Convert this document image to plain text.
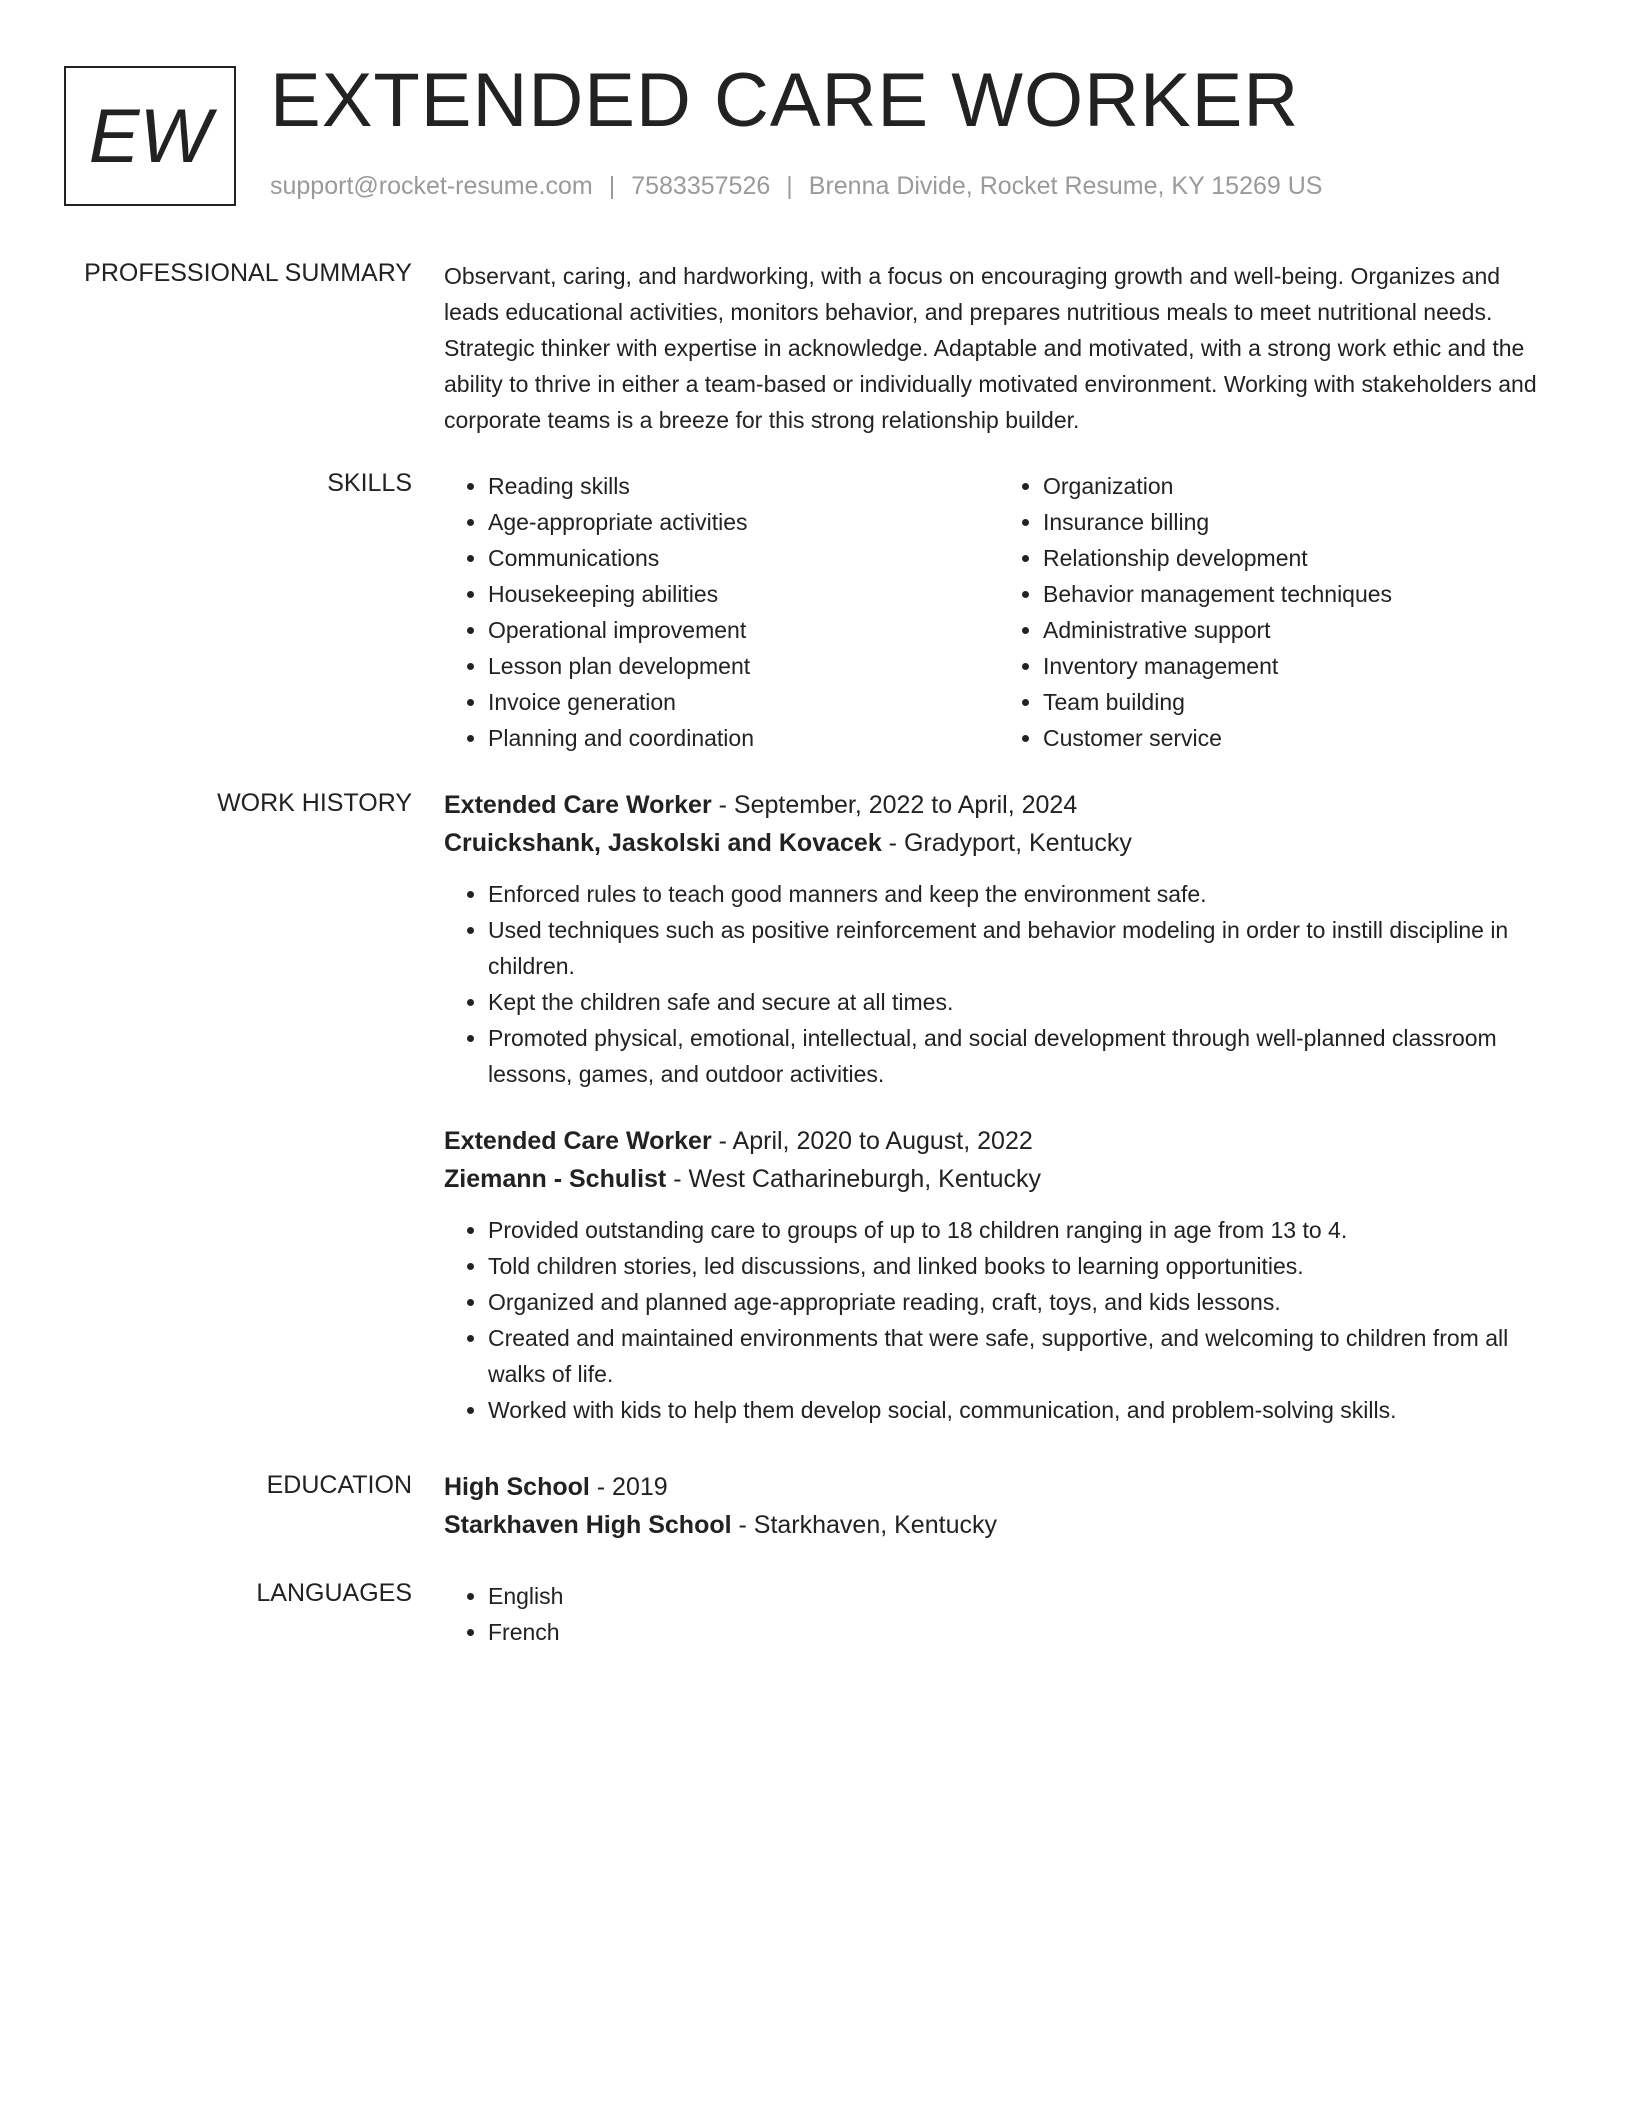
EW EXTENDED CARE WORKER
support@rocket-resume.com | 7583357526 | Brenna Divide, Rocket Resume, KY 15269 US
PROFESSIONAL SUMMARY Observant, caring, and hardworking, with a focus on encouraging growth and well-being. Organizes and leads educational activities, monitors behavior, and prepares nutritious meals to meet nutritional needs. Strategic thinker with expertise in acknowledge. Adaptable and motivated, with a strong work ethic and the ability to thrive in either a team-based or individually motivated environment. Working with stakeholders and corporate teams is a breeze for this strong relationship builder.

SKILLS	• Reading skills
• Age-appropriate activities
• Communications
• Housekeeping abilities
• Operational improvement
• Lesson plan development
• Invoice generation
• Planning and coordination
• Organization
• Insurance billing
• Relationship development
• Behavior management techniques
• Administrative support
• Inventory management
• Team building
• Customer service
WORK HISTORY Extended Care Worker - September, 2022 to April, 2024
Cruickshank, Jaskolski and Kovacek - Gradyport, Kentucky
• Enforced rules to teach good manners and keep the environment safe.
• Used techniques such as positive reinforcement and behavior modeling in order to instill discipline in children.
• Kept the children safe and secure at all times.
• Promoted physical, emotional, intellectual, and social development through well-planned classroom lessons, games, and outdoor activities.
Extended Care Worker - April, 2020 to August, 2022
Ziemann - Schulist - West Catharineburgh, Kentucky
• Provided outstanding care to groups of up to 18 children ranging in age from 13 to 4.
• Told children stories, led discussions, and linked books to learning opportunities.
• Organized and planned age-appropriate reading, craft, toys, and kids lessons.
• Created and maintained environments that were safe, supportive, and welcoming to children from all walks of life.
• Worked with kids to help them develop social, communication, and problem-solving skills.
EDUCATION High School - 2019
Starkhaven High School - Starkhaven, Kentucky
LANGUAGES	• English
• French
